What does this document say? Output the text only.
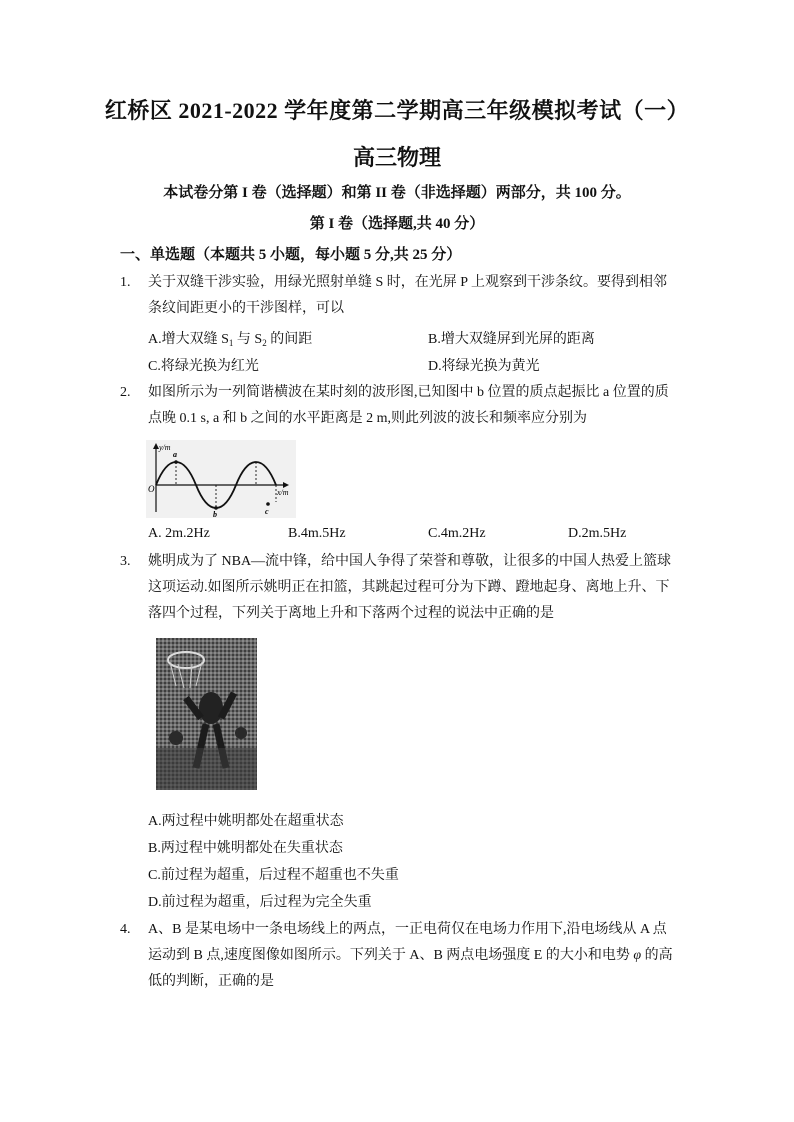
红桥区 2021-2022 学年度第二学期高三年级模拟考试（一）
高三物理
本试卷分第 I 卷（选择题）和第 II 卷（非选择题）两部分，共 100 分。
第 I 卷（选择题,共 40 分）
一、单选题（本题共 5 小题，每小题 5 分,共 25 分）
1. 关于双缝干涉实验，用绿光照射单缝 S 时，在光屏 P 上观察到干涉条纹。要得到相邻
条纹间距更小的干涉图样，可以
A.增大双缝 $S_1$ 与 $S_2$ 的间距	B.增大双缝屏到光屏的距离
C.将绿光换为红光	D.将绿光换为黄光
2. 如图所示为一列简谐横波在某时刻的波形图,已知图中 b 位置的质点起振比 a 位置的质
点晚 0.1 s, a 和 b 之间的水平距离是 2 m,则此列波的波长和频率应分别为
y/m
x/m
O
a
b	c
A. 2m.2Hz	B.4m.5Hz	C.4m.2Hz	D.2m.5Hz
3. 姚明成为了 NBA—流中锋，给中国人争得了荣誉和尊敬，让很多的中国人热爱上篮球
这项运动.如图所示姚明正在扣篮，其跳起过程可分为下蹲、蹬地起身、离地上升、下
落四个过程，下列关于离地上升和下落两个过程的说法中正确的是
A.两过程中姚明都处在超重状态
B.两过程中姚明都处在失重状态
C.前过程为超重，后过程不超重也不失重
D.前过程为超重，后过程为完全失重
4. A、B 是某电场中一条电场线上的两点，一正电荷仅在电场力作用下,沿电场线从 A 点
运动到 B 点,速度图像如图所示。下列关于 A、B 两点电场强度 E 的大小和电势 φ 的高
低的判断，正确的是
